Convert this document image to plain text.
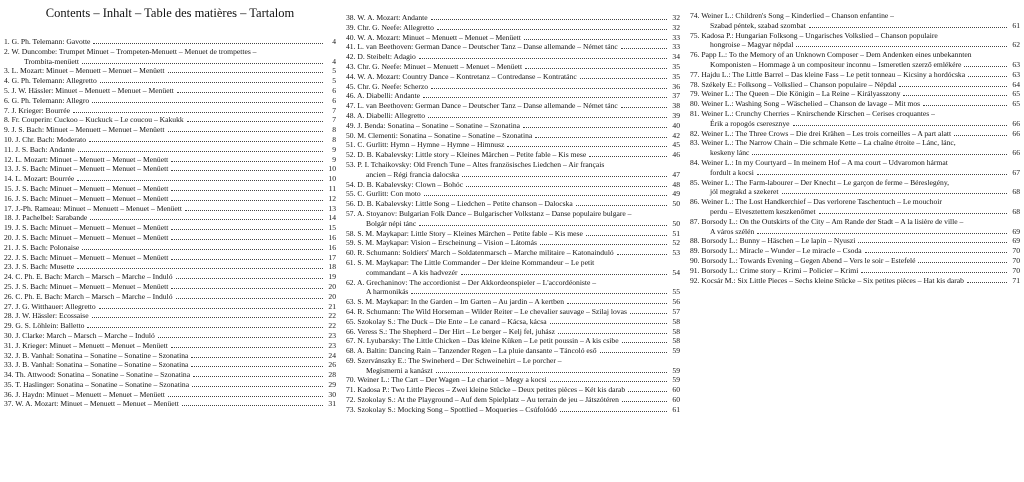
Contents – Inhalt – Table des matières – Tartalom
1. G. Ph. Telemann: Gavotte	4
2. W. Duncombe: Trumpet Minuet – Trompeten-Menuett – Menuet de trompettes –
Trombita-menüett	4
3. L. Mozart: Minuet – Menuett – Menuet – Menüett	5
4. G. Ph. Telemann: Allegretto	5
5. J. W. Hässler: Minuet – Menuett – Menuet – Menüett	6
6. G. Ph. Telemann: Allegro	6
7. J. Krieger: Bourrée	7
8. Fr. Couperin: Cuckoo – Kuckuck – Le coucou – Kakukk	7
9. J. S. Bach: Minuet – Menuett – Menuet – Menüett	8
10. J. Chr. Bach: Moderato	8
11. J. S. Bach: Andante	9
12. L. Mozart: Minuet – Menuett – Menuet – Menüett	9
13. J. S. Bach: Minuet – Menuett – Menuet – Menüett	10
14. L. Mozart: Bourrée	10
15. J. S. Bach: Minuet – Menuett – Menuet – Menüett	11
16. J. S. Bach: Minuet – Menuett – Menuet – Menüett	12
17. J.-Ph. Rameau: Minuet – Menuett – Menuet – Menüett	13
18. J. Pachelbel: Sarabande	14
19. J. S. Bach: Minuet – Menuett – Menuet – Menüett	15
20. J. S. Bach: Minuet – Menuett – Menuet – Menüett	16
21. J. S. Bach: Polonaise	16
22. J. S. Bach: Minuet – Menuett – Menuet – Menüett	17
23. J. S. Bach: Musette	18
24. C. Ph. E. Bach: March – Marsch – Marche – Induló	19
25. J. S. Bach: Minuet – Menuett – Menuet – Menüett	20
26. C. Ph. E. Bach: March – Marsch – Marche – Induló	20
27. J. G. Witthauer: Allegretto	21
28. J. W. Hässler: Ecossaise	22
29. G. S. Löhlein: Balletto	22
30. J. Clarke: March – Marsch – Marche – Induló	23
31. J. Krieger: Minuet – Menuett – Menuet – Menüett	23
32. J. B. Vanhal: Sonatina – Sonatine – Sonatine – Szonatina	24
33. J. B. Vanhal: Sonatina – Sonatine – Sonatine – Szonatina	26
34. Th. Attwood: Sonatina – Sonatine – Sonatine – Szonatina	28
35. T. Haslinger: Sonatina – Sonatine – Sonatine – Szonatina	29
36. J. Haydn: Minuet – Menuett – Menuet – Menüett	30
37. W. A. Mozart: Minuet – Menuett – Menuet – Menüett	31
38. W. A. Mozart: Andante	32
39. Chr. G. Neefe: Allegretto	32
40. W. A. Mozart: Minuet – Menuett – Menuet – Menüett	33
41. L. van Beethoven: German Dance – Deutscher Tanz – Danse allemande – Német tánc	33
42. D. Steibelt: Adagio	34
43. Chr. G. Neefe: Minuet – Menuett – Menuet – Menüett	35
44. W. A. Mozart: Country Dance – Kontretanz – Contredanse – Kontratánc	35
45. Chr. G. Neefe: Scherzo	36
46. A. Diabelli: Andante	37
47. L. van Beethoven: German Dance – Deutscher Tanz – Danse allemande – Német tánc	38
48. A. Diabelli: Allegretto	39
49. J. Benda: Sonatina – Sonatine – Sonatine – Szonatina	40
50. M. Clementi: Sonatina – Sonatine – Sonatine – Szonatina	42
51. C. Gurlitt: Hymn – Hymne – Hymne – Himnusz	45
52. D. B. Kabalevsky: Little story – Kleines Märchen – Petite fable – Kis mese	46
53. P. I. Tchaikovsky: Old French Tune – Altes französisches Liedchen – Air français
ancien – Régi francia dalocska	47
54. D. B. Kabalevsky: Clown – Bohóc	48
55. C. Gurlitt: Con moto	49
56. D. B. Kabalevsky: Little Song – Liedchen – Petite chanson – Dalocska	50
57. A. Stoyanov: Bulgarian Folk Dance – Bulgarischer Volkstanz – Danse populaire bulgare –
Bolgár népi tánc	50
58. S. M. Maykapar: Little Story – Kleines Märchen – Petite fable – Kis mese	51
59. S. M. Maykapar: Vision – Erscheinung – Vision – Látomás	52
60. R. Schumann: Soldiers' March – Soldatenmarsch – Marche militaire – Katonainduló	53
61. S. M. Maykapar: The Little Commander – Der kleine Kommandeur – Le petit
commandant – A kis hadvezér	54
62. A. Grechaninov: The accordionist – Der Akkordeonspieler – L'accordéoniste –
A harmonikás	55
63. S. M. Maykapar: In the Garden – Im Garten – Au jardin – A kertben	56
64. R. Schumann: The Wild Horseman – Wilder Reiter – Le chevalier sauvage – Szilaj lovas	57
65. Szokolay S.: The Duck – Die Ente – Le canard – Kácsa, kácsa	58
66. Veress S.: The Shepherd – Der Hirt – Le berger – Kelj fel, juhász	58
67. N. Lyubarsky: The Little Chicken – Das kleine Küken – Le petit poussin – A kis csibe	58
68. A. Baltin: Dancing Rain – Tanzender Regen – La pluie dansante – Táncoló eső	59
69. Szervánszky E.: The Swineherd – Der Schweinehirt – Le porcher –
Megismerni a kanászt	59
70. Weiner L.: The Cart – Der Wagen – Le chariot – Megy a kocsi	59
71. Kadosa P.: Two Little Pieces – Zwei kleine Stücke – Deux petites pièces – Két kis darab	60
72. Szokolay S.: At the Playground – Auf dem Spielplatz – Au terrain de jeu – Játszótéren	60
73. Szokolay S.: Mocking Song – Spottlied – Moqueries – Csúfolódó	61
74. Weiner L.: Children's Song – Kinderlied – Chanson enfantine –
Szabad péntek, szabad szombat	61
75. Kadosa P.: Hungarian Folksong – Ungarisches Volkslied – Chanson populaire
hongroise – Magyar népdal	62
76. Papp L.: To the Memory of an Unknown Composer – Dem Andenken eines unbekannten
Komponisten – Hommage à un compositeur inconnu – Ismeretlen szerző emlékére	63
77. Hajdu L.: The Little Barrel – Das kleine Fass – Le petit tonneau – Kicsiny a hordócska	63
78. Székely E.: Folksong – Volkslied – Chanson populaire – Népdal	64
79. Weiner L.: The Queen – Die Königin – La Reine – Királyasszony	65
80. Weiner L.: Washing Song – Wäschelied – Chanson de lavage – Mit mos	65
81. Weiner L.: Crunchy Cherries – Knirschende Kirschen – Cerises croquantes –
Érik a ropogós cseresznye	66
82. Weiner L.: The Three Crows – Die drei Krähen – Les trois corneilles – A part alatt	66
83. Weiner L.: The Narrow Chain – Die schmale Kette – La chaîne étroite – Lánc, lánc,
keskeny lánc	66
84. Weiner L.: In my Courtyard – In meinem Hof – A ma court – Udvaromon hármat
fordult a kocsi	67
85. Weiner L.: The Farm-labourer – Der Knecht – Le garçon de ferme – Béreslegény,
jól megrakd a szekeret	68
86. Weiner L.: The Lost Handkerchief – Das verlorene Taschentuch – Le mouchoir
perdu – Elvesztettem keszkenőmet	68
87. Borsody L.: On the Outskirts of the City – Am Rande der Stadt – A la lisière de ville –
A város szélén	69
88. Borsody L.: Bunny – Häschen – Le lapin – Nyuszi	69
89. Borsody L.: Miracle – Wunder – Le miracle – Csoda	70
90. Borsody L.: Towards Evening – Gegen Abend – Vers le soir – Estefelé	70
91. Borsody L.: Crime story – Krimi – Policier – Krimi	70
92. Kocsár M.: Six Little Pieces – Sechs kleine Stücke – Six petites pièces – Hat kis darab	71
